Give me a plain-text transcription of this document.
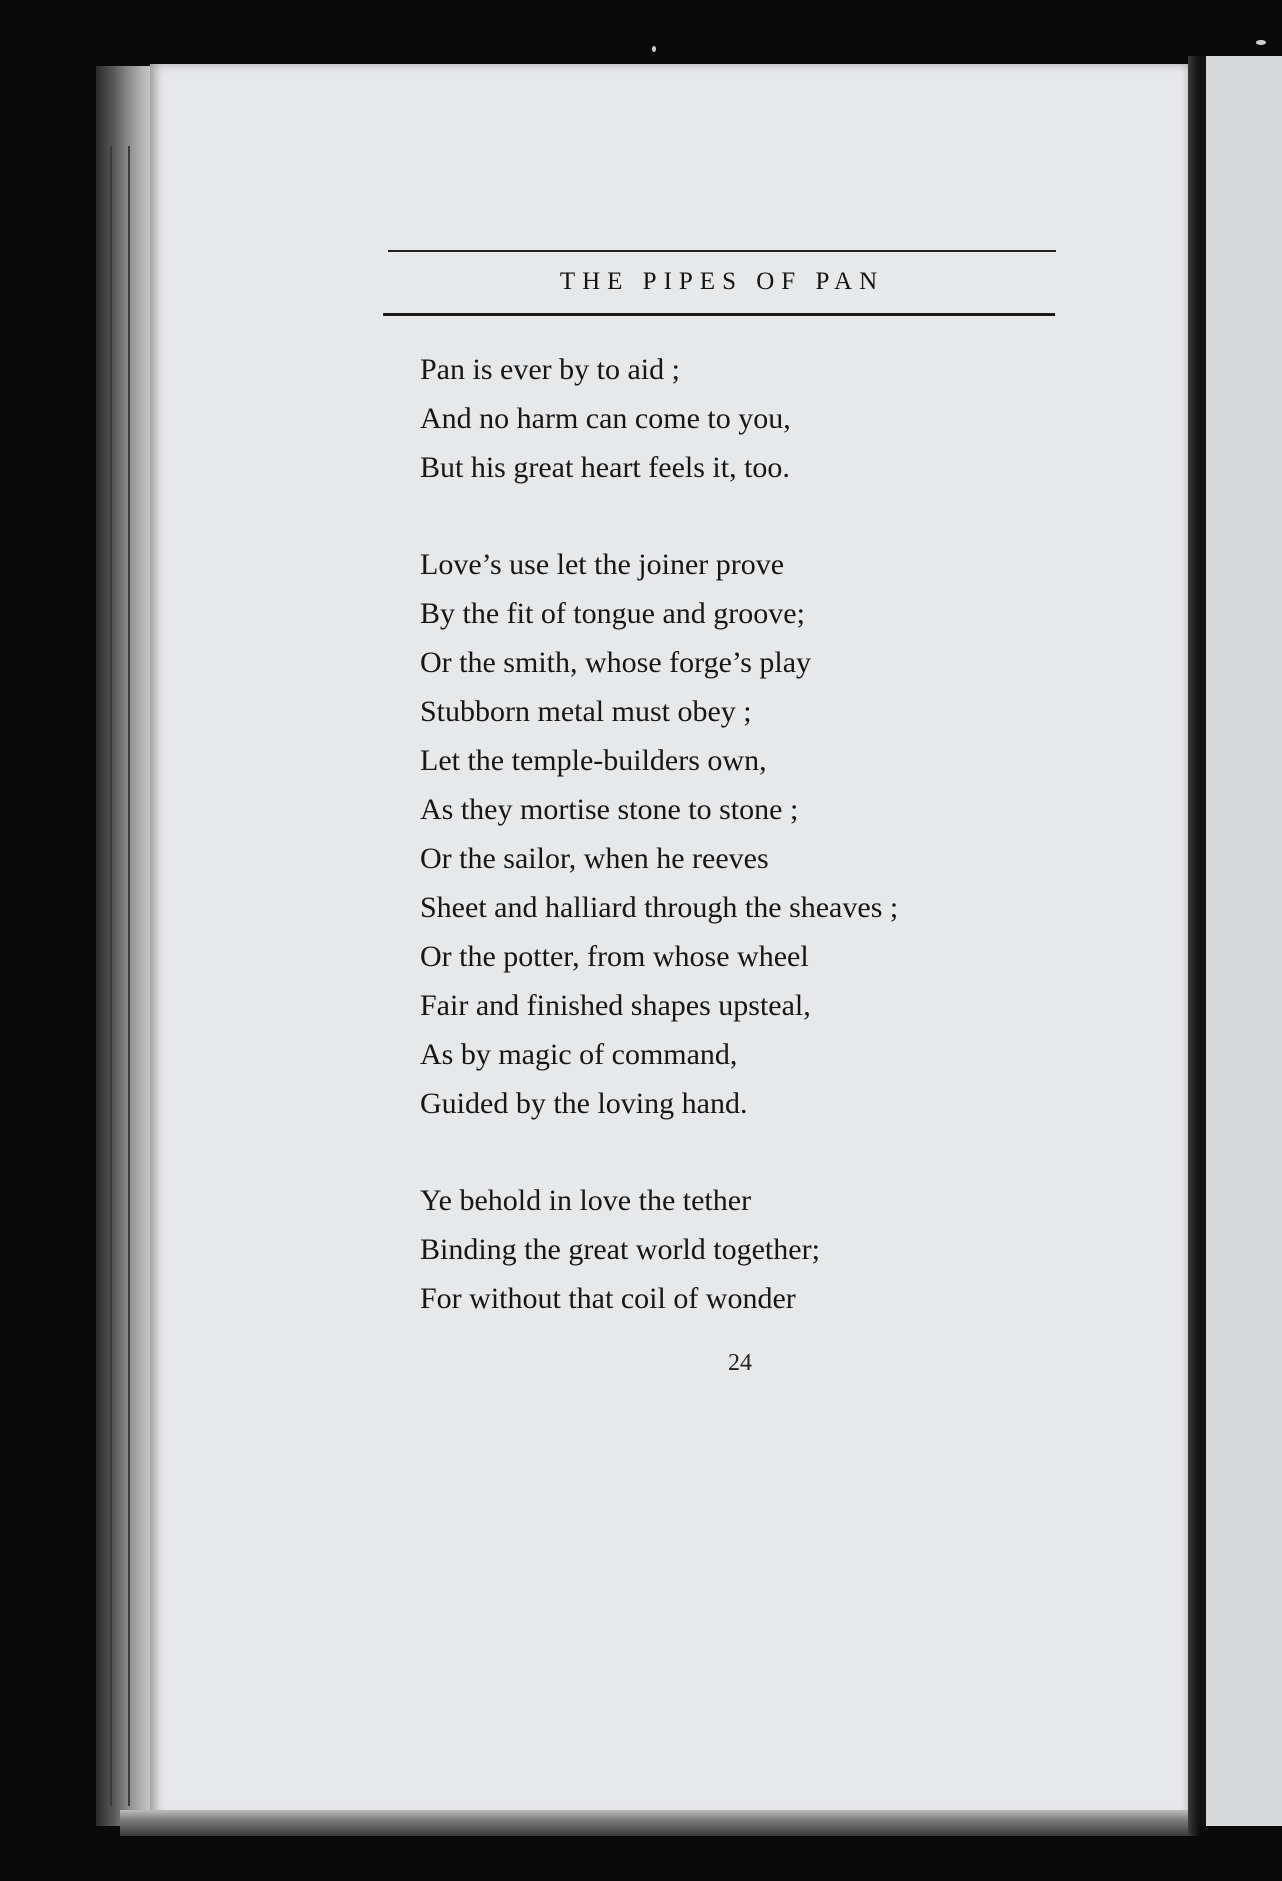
THE PIPES OF PAN
Pan is ever by to aid ;
And no harm can come to you,
But his great heart feels it, too.
Love’s use let the joiner prove
By the fit of tongue and groove;
Or the smith, whose forge’s play
Stubborn metal must obey ;
Let the temple-builders own,
As they mortise stone to stone ;
Or the sailor, when he reeves
Sheet and halliard through the sheaves ;
Or the potter, from whose wheel
Fair and finished shapes upsteal,
As by magic of command,
Guided by the loving hand.
Ye behold in love the tether
Binding the great world together;
For without that coil of wonder
24
